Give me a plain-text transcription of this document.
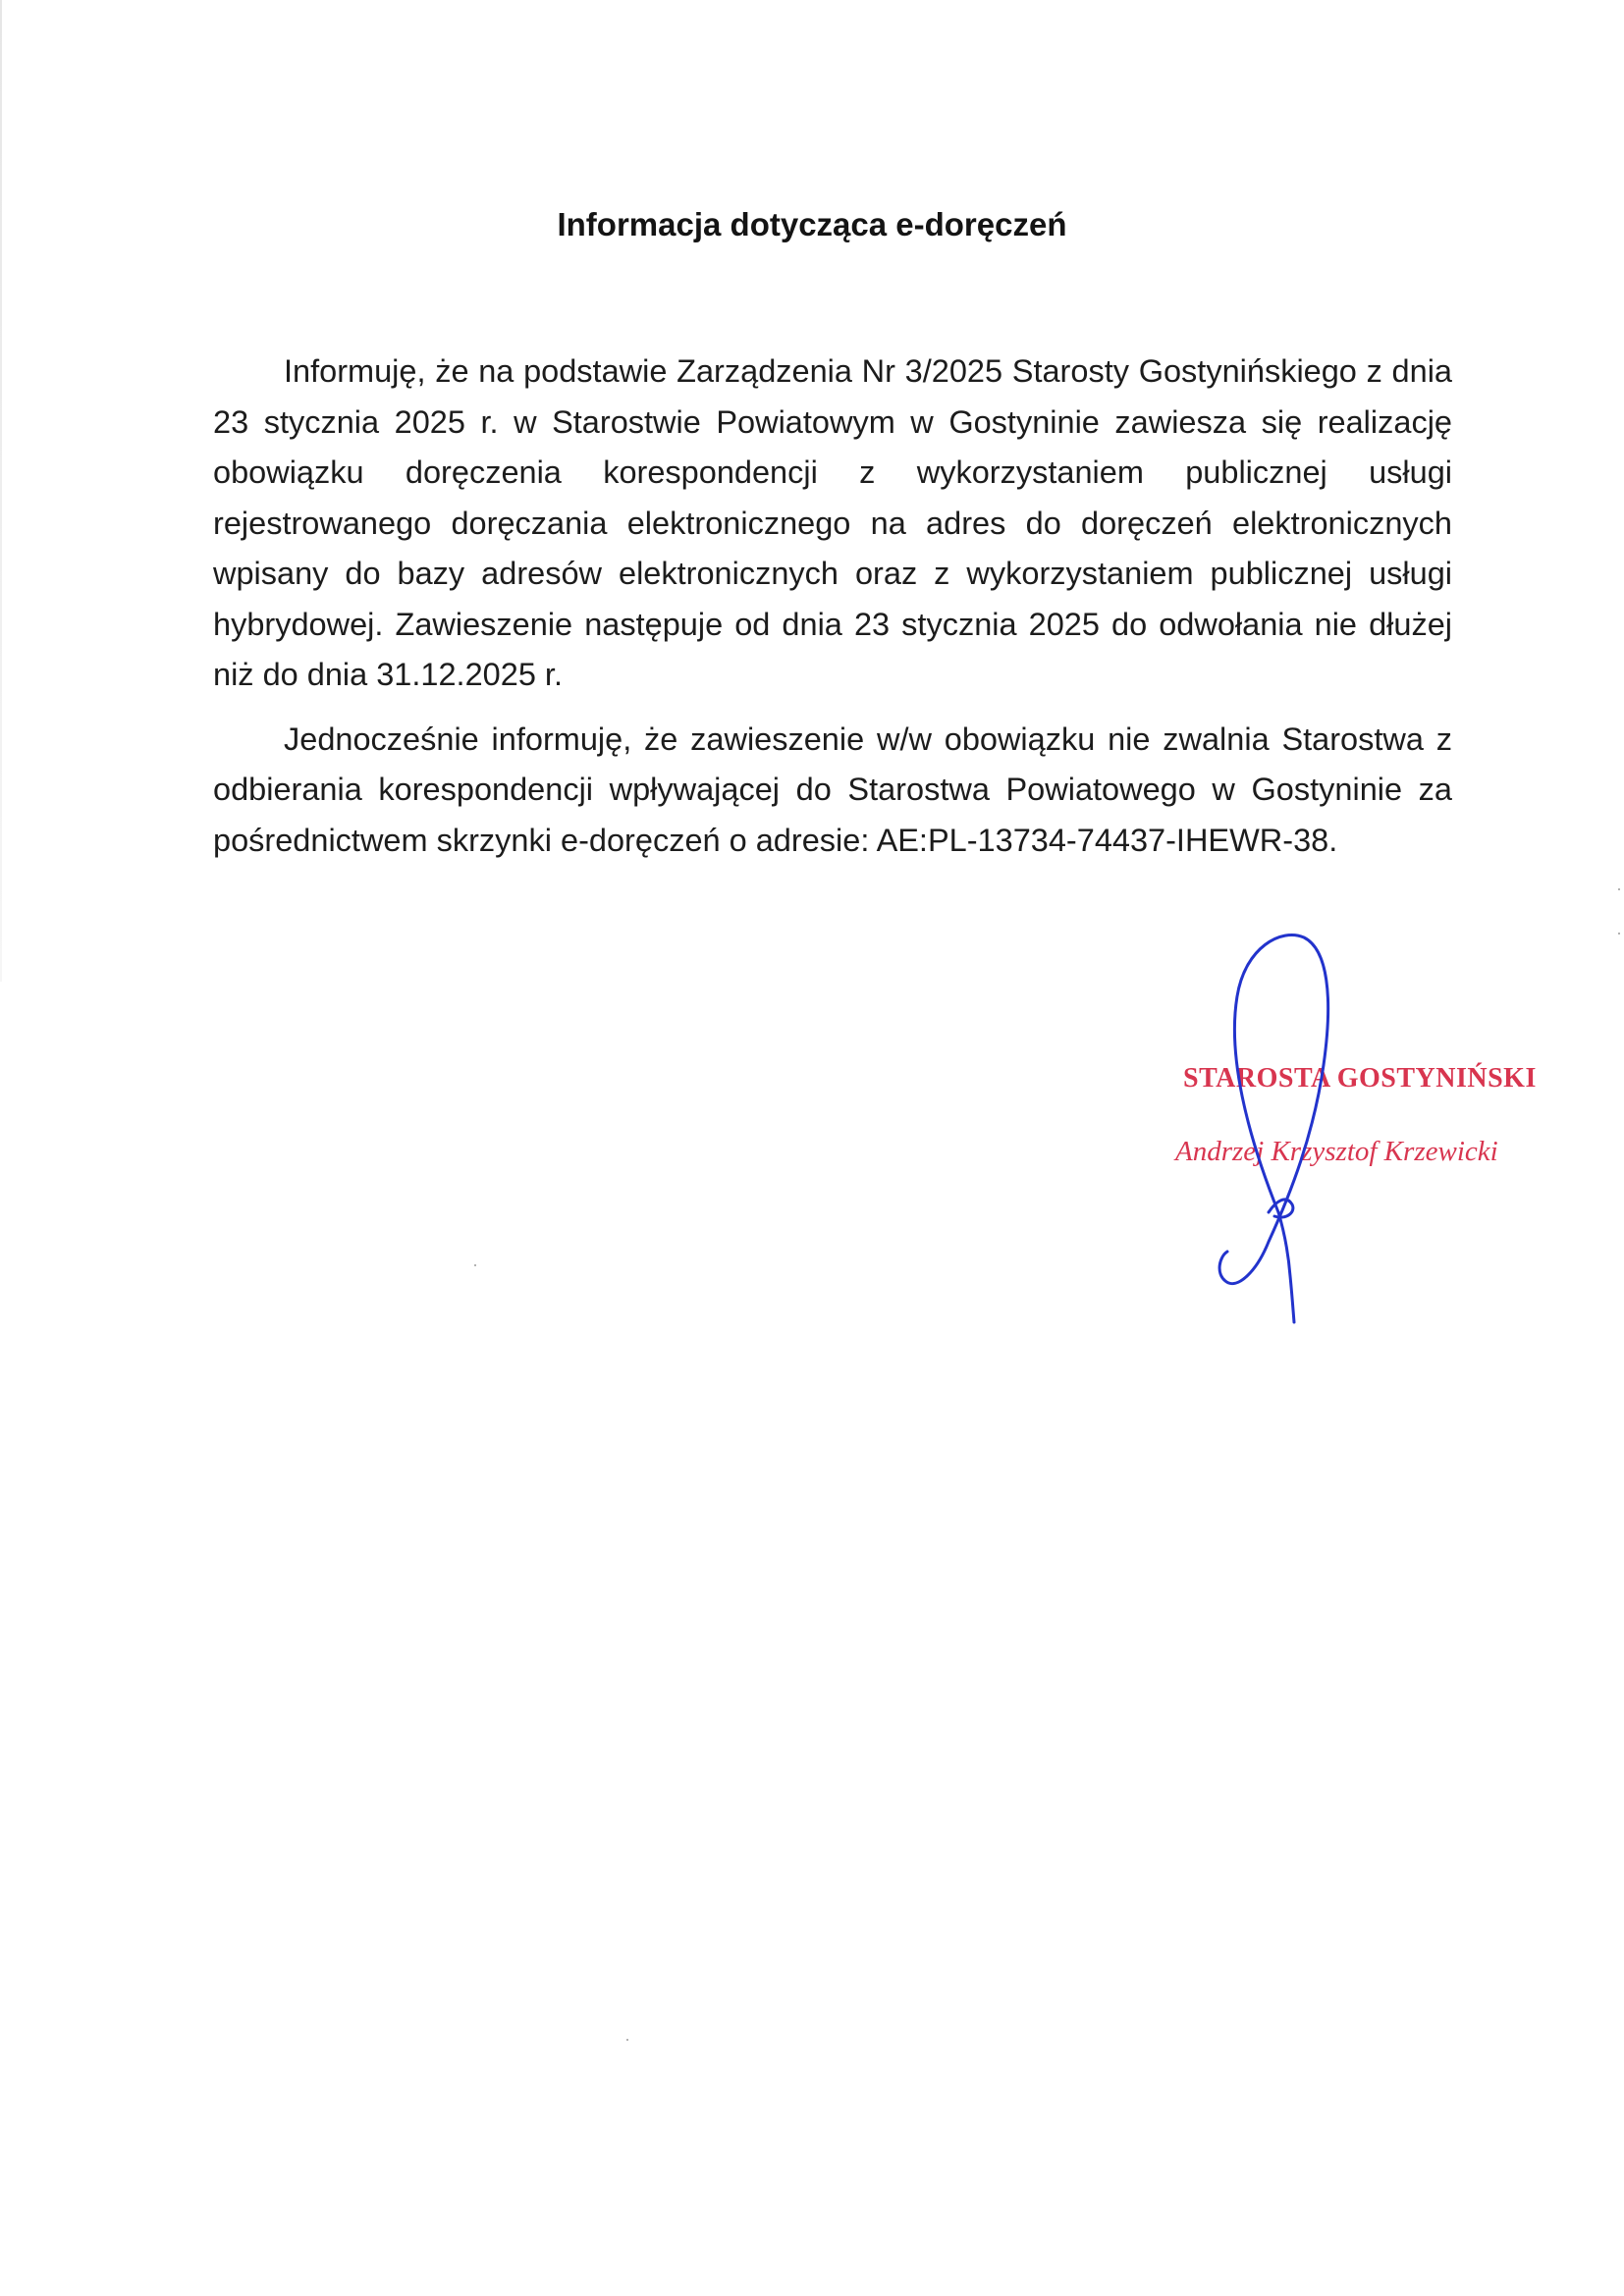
Informacja dotycząca e-doręczeń

Informuję, że na podstawie Zarządzenia Nr 3/2025 Starosty Gostynińskiego z dnia 23 stycznia 2025 r. w Starostwie Powiatowym w Gostyninie zawiesza się realizację obowiązku doręczenia korespondencji z wykorzystaniem publicznej usługi rejestrowanego doręczania elektronicznego na adres do doręczeń elektronicznych wpisany do bazy adresów elektronicznych oraz z wykorzystaniem publicznej usługi hybrydowej. Zawieszenie następuje od dnia 23 stycznia 2025 do odwołania nie dłużej niż do dnia 31.12.2025 r.

Jednocześnie informuję, że zawieszenie w/w obowiązku nie zwalnia Starostwa z odbierania korespondencji wpływającej do Starostwa Powiatowego w Gostyninie za pośrednictwem skrzynki e-doręczeń o adresie: AE:PL-13734-74437-IHEWR-38.

STAROSTA GOSTYNIŃSKI
Andrzej Krzysztof Krzewicki
